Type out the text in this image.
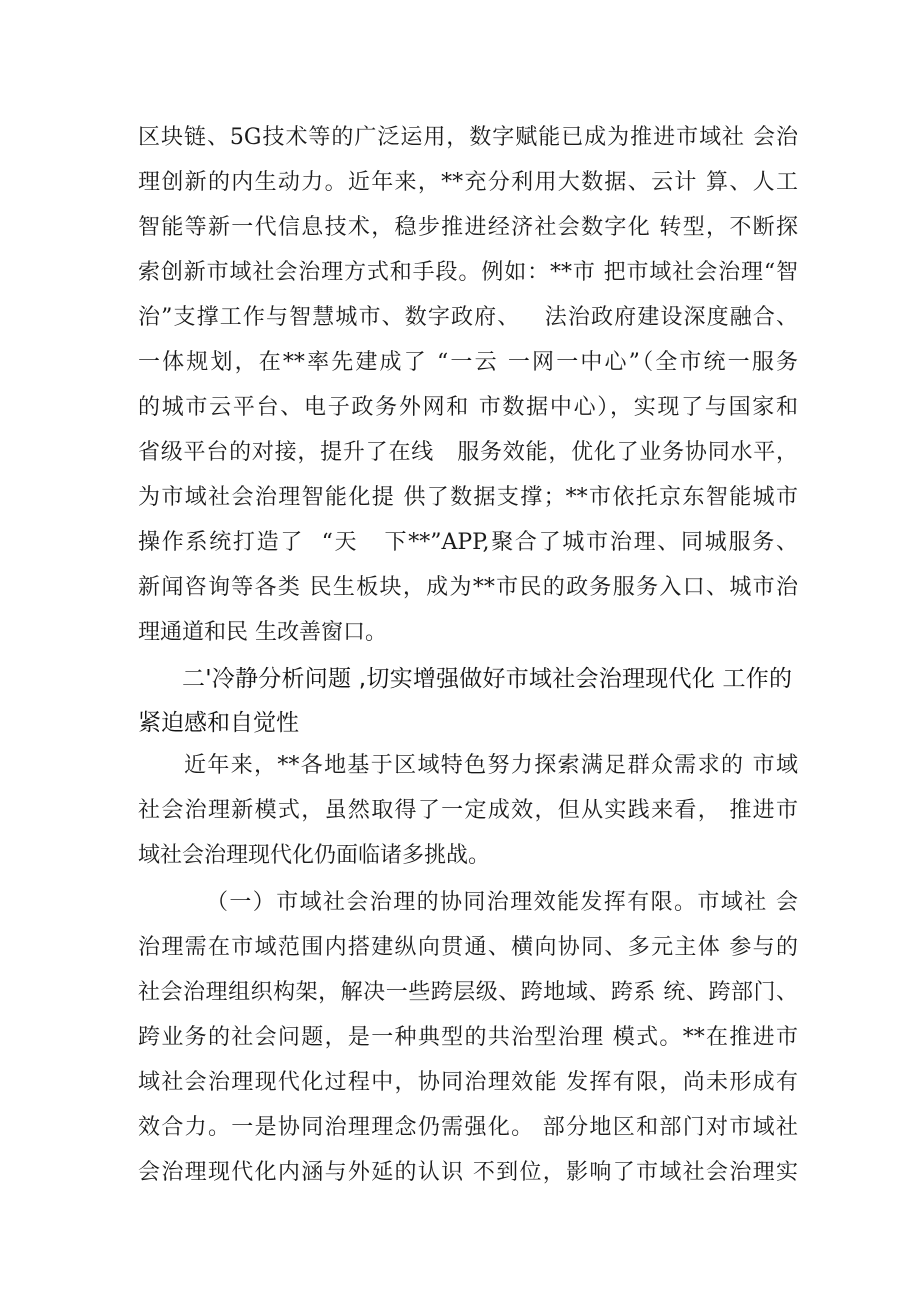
区块链、5G技术等的广泛运用，数字赋能已成为推进市域社 会治
理创新的内生动力。近年来，**充分利用大数据、云计 算、人工
智能等新一代信息技术，稳步推进经济社会数字化 转型，不断探
索创新市域社会治理方式和手段。例如：**市 把市域社会治理“智
治”支撑工作与智慧城市、数字政府、   法治政府建设深度融合、
一体规划，在**率先建成了 “一云 一网一中心”（全市统一服务
的城市云平台、电子政务外网和 市数据中心），实现了与国家和
省级平台的对接，提升了在线   服务效能，优化了业务协同水平，
为市域社会治理智能化提 供了数据支撑；**市依托京东智能城市
操作系统打造了  “天   下**”APP,聚合了城市治理、同城服务、
新闻咨询等各类 民生板块，成为**市民的政务服务入口、城市治
理通道和民 生改善窗口。
二'冷静分析问题 ,切实增强做好市域社会治理现代化 工作的
紧迫感和自觉性
近年来，**各地基于区域特色努力探索满足群众需求的 市域
社会治理新模式，虽然取得了一定成效，但从实践来看， 推进市
域社会治理现代化仍面临诸多挑战。
（一）市域社会治理的协同治理效能发挥有限。市域社 会
治理需在市域范围内搭建纵向贯通、横向协同、多元主体 参与的
社会治理组织构架，解决一些跨层级、跨地域、跨系 统、跨部门、
跨业务的社会问题，是一种典型的共治型治理 模式。**在推进市
域社会治理现代化过程中，协同治理效能 发挥有限，尚未形成有
效合力。一是协同治理理念仍需强化。 部分地区和部门对市域社
会治理现代化内涵与外延的认识 不到位，影响了市域社会治理实
